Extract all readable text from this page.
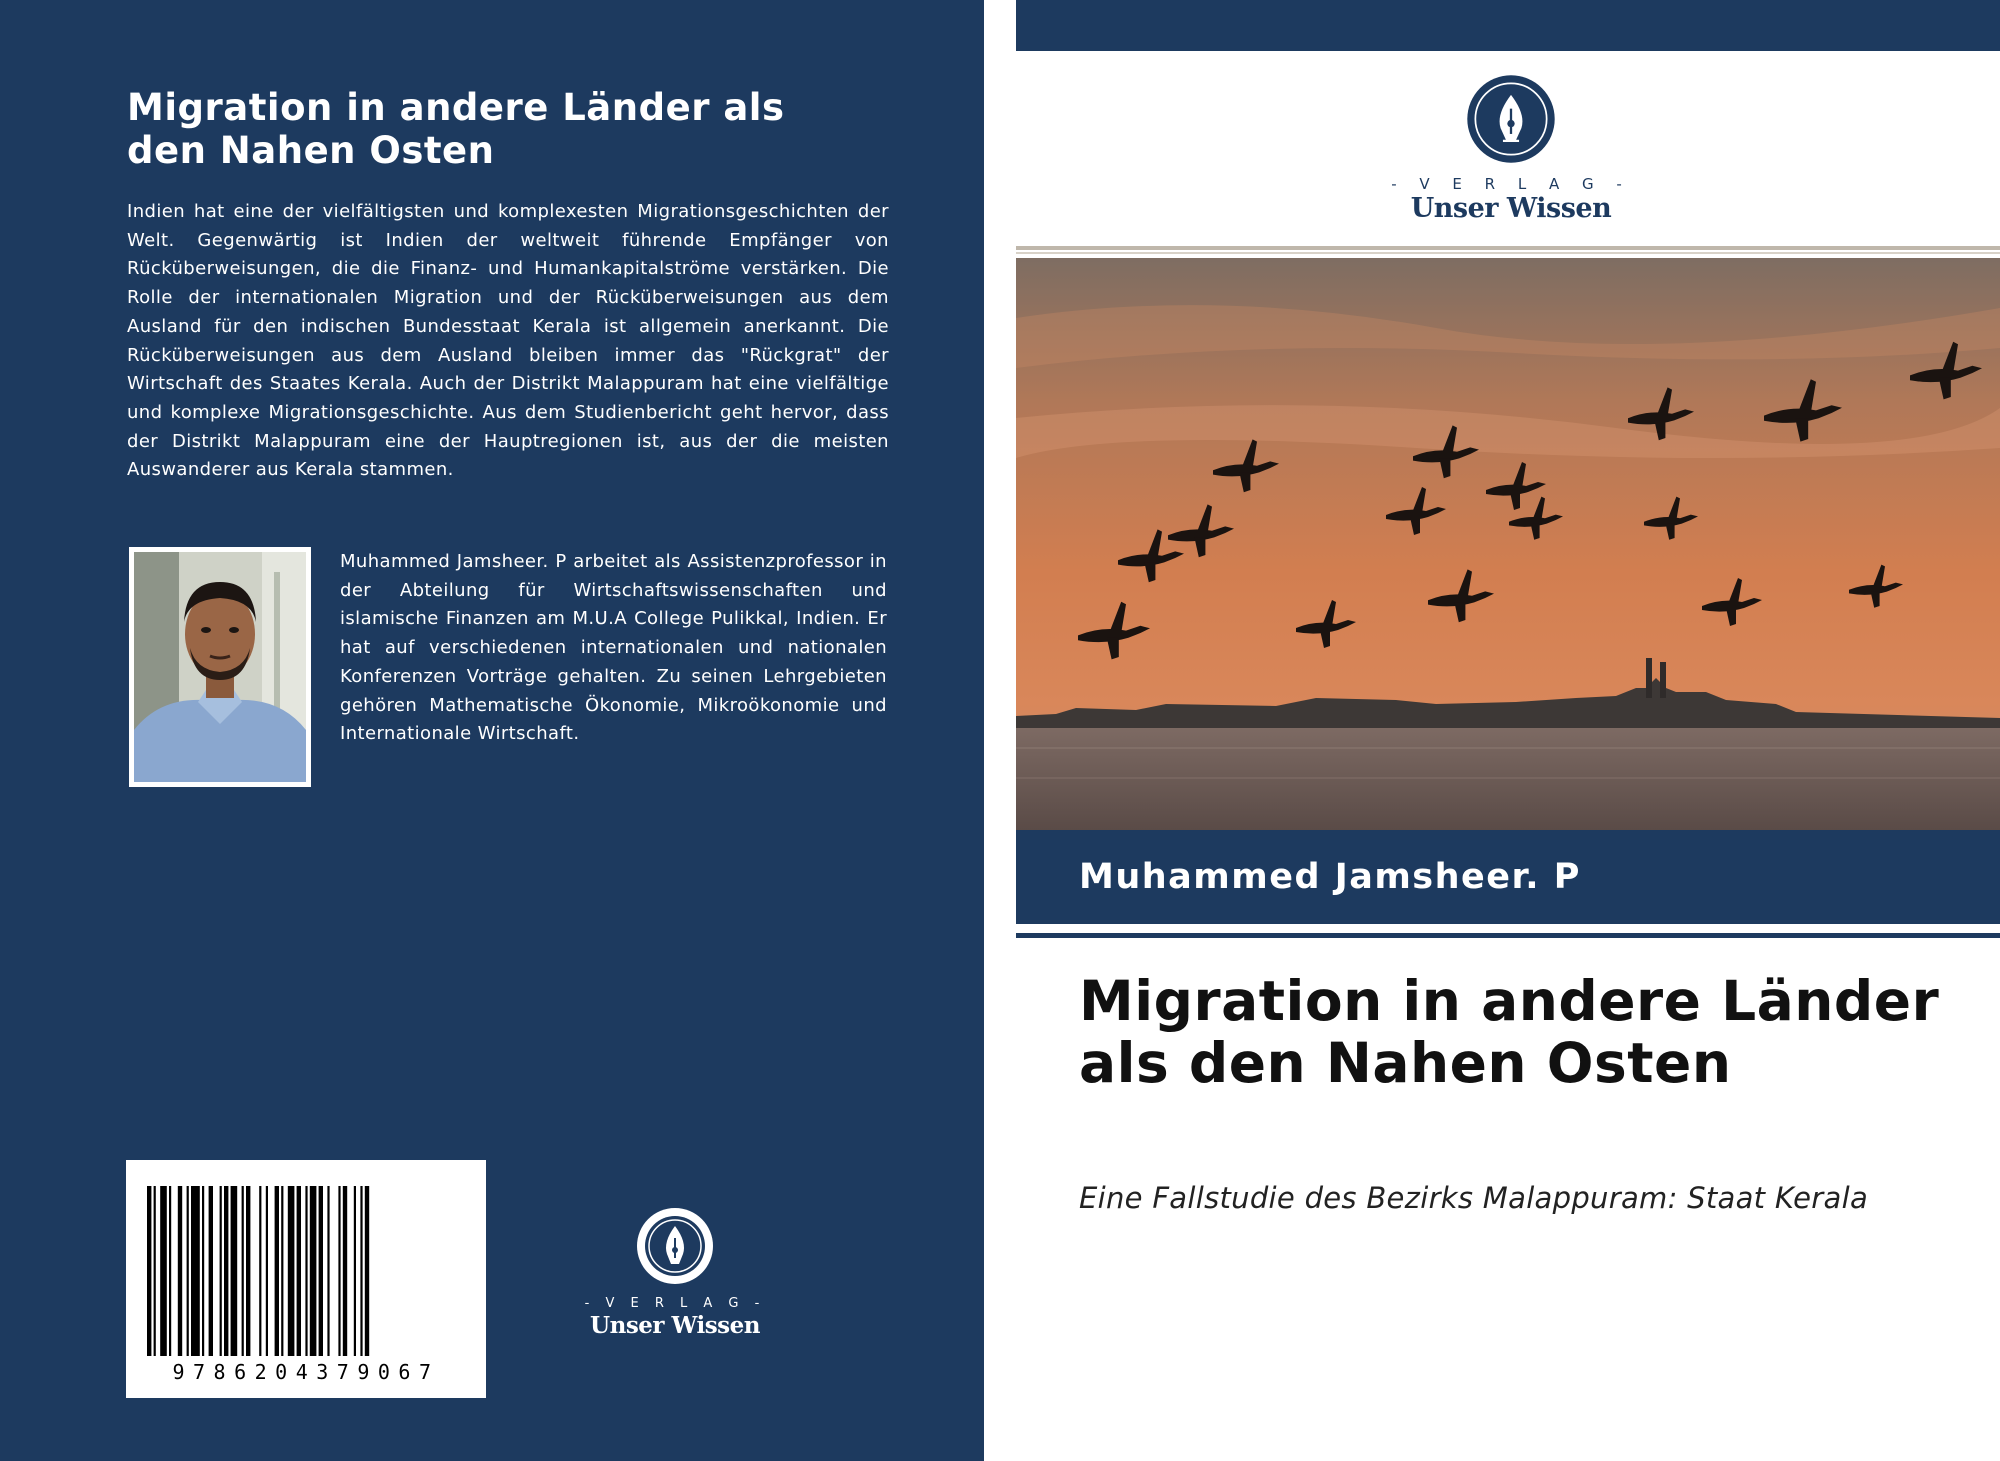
Migration in andere Länder als den Nahen Osten

Indien hat eine der vielfältigsten und komplexesten Migrationsgeschichten der Welt. Gegenwärtig ist Indien der weltweit führende Empfänger von Rücküberweisungen, die die Finanz- und Humankapitalströme verstärken. Die Rolle der internationalen Migration und der Rücküberweisungen aus dem Ausland für den indischen Bundesstaat Kerala ist allgemein anerkannt. Die Rücküberweisungen aus dem Ausland bleiben immer das "Rückgrat" der Wirtschaft des Staates Kerala. Auch der Distrikt Malappuram hat eine vielfältige und komplexe Migrationsgeschichte. Aus dem Studienbericht geht hervor, dass der Distrikt Malappuram eine der Hauptregionen ist, aus der die meisten Auswanderer aus Kerala stammen.

Muhammed Jamsheer. P arbeitet als Assistenzprofessor in der Abteilung für Wirtschaftswissenschaften und islamische Finanzen am M.U.A College Pulikkal, Indien. Er hat auf verschiedenen internationalen und nationalen Konferenzen Vorträge gehalten. Zu seinen Lehrgebieten gehören Mathematische Ökonomie, Mikroökonomie und Internationale Wirtschaft.

9786204379067
- V E R L A G -
Unser Wissen
- V E R L A G -
Unser Wissen
Muhammed Jamsheer. P
Migration in andere Länder als den Nahen Osten

Eine Fallstudie des Bezirks Malappuram: Staat Kerala
